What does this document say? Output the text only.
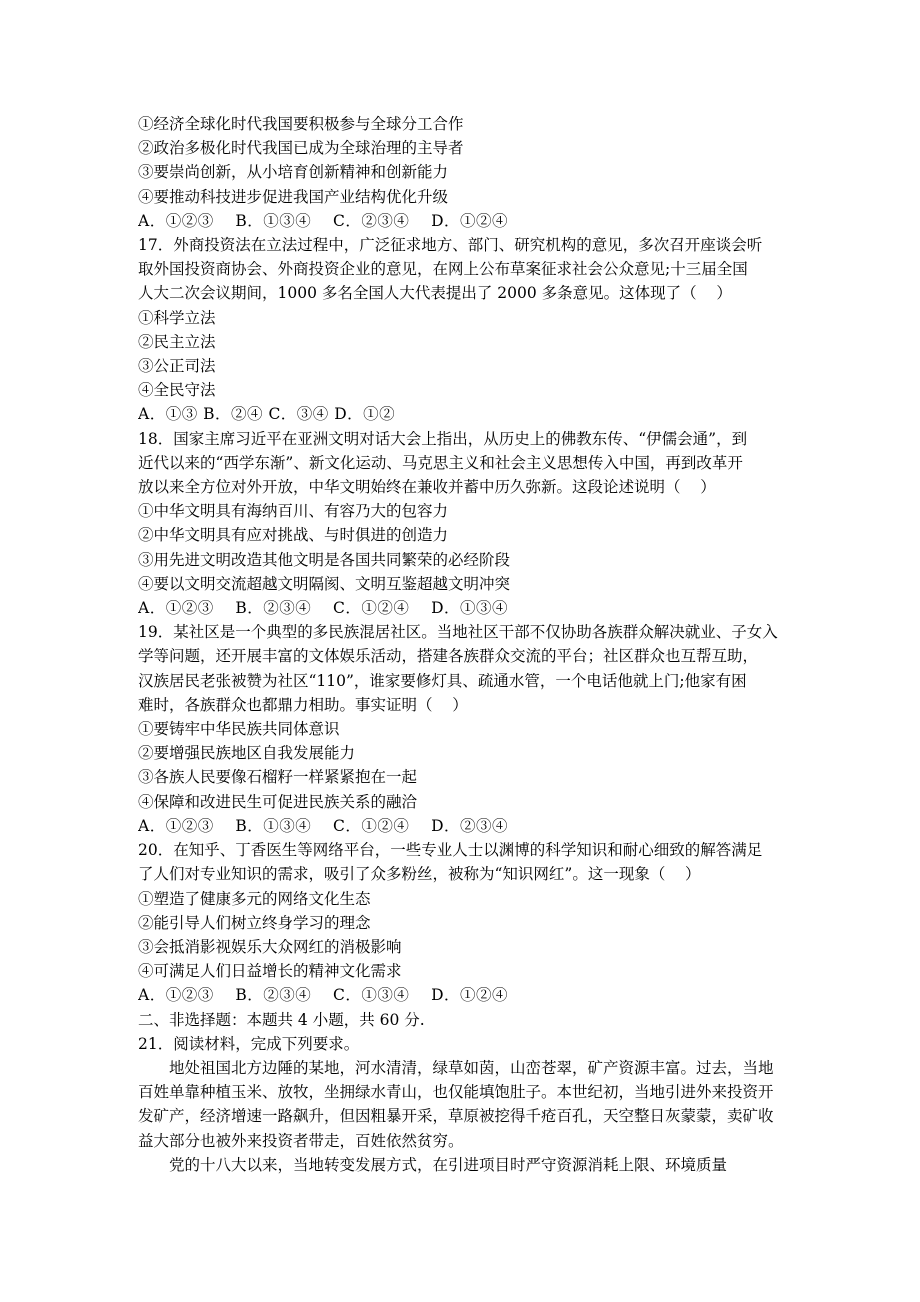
①经济全球化时代我国要积极参与全球分工合作
②政治多极化时代我国已成为全球治理的主导者
③要崇尚创新，从小培育创新精神和创新能力
④要推动科技进步促进我国产业结构优化升级
A．①②③    B．①③④    C．②③④    D．①②④
17．外商投资法在立法过程中，广泛征求地方、部门、研究机构的意见，多次召开座谈会听
取外国投资商协会、外商投资企业的意见，在网上公布草案征求社会公众意见;十三届全国
人大二次会议期间，1000 多名全国人大代表提出了 2000 多条意见。这体现了（    ）
①科学立法
②民主立法
③公正司法
④全民守法
A．①③ B．②④ C．③④ D．①②
18．国家主席习近平在亚洲文明对话大会上指出，从历史上的佛教东传、“伊儒会通”，到
近代以来的“西学东渐”、新文化运动、马克思主义和社会主义思想传入中国，再到改革开
放以来全方位对外开放，中华文明始终在兼收并蓄中历久弥新。这段论述说明（    ）
①中华文明具有海纳百川、有容乃大的包容力
②中华文明具有应对挑战、与时俱进的创造力
③用先进文明改造其他文明是各国共同繁荣的必经阶段
④要以文明交流超越文明隔阂、文明互鉴超越文明冲突
A．①②③    B．②③④    C．①②④    D．①③④
19．某社区是一个典型的多民族混居社区。当地社区干部不仅协助各族群众解决就业、子女入
学等问题，还开展丰富的文体娱乐活动，搭建各族群众交流的平台；社区群众也互帮互助，
汉族居民老张被赞为社区“110”，谁家要修灯具、疏通水管，一个电话他就上门;他家有困
难时，各族群众也都鼎力相助。事实证明（    ）
①要铸牢中华民族共同体意识
②要增强民族地区自我发展能力
③各族人民要像石榴籽一样紧紧抱在一起
④保障和改进民生可促进民族关系的融洽
A．①②③    B．①③④    C．①②④    D．②③④
20．在知乎、丁香医生等网络平台，一些专业人士以渊博的科学知识和耐心细致的解答满足
了人们对专业知识的需求，吸引了众多粉丝，被称为“知识网红”。这一现象（    ）
①塑造了健康多元的网络文化生态
②能引导人们树立终身学习的理念
③会抵消影视娱乐大众网红的消极影响
④可满足人们日益增长的精神文化需求
A．①②③    B．②③④    C．①③④    D．①②④
二、非选择题：本题共 4 小题，共 60 分.
21．阅读材料，完成下列要求。
地处祖国北方边陲的某地，河水清清，绿草如茵，山峦苍翠，矿产资源丰富。过去，当地百姓单靠种植玉米、放牧，坐拥绿水青山，也仅能填饱肚子。本世纪初，当地引进外来投资开发矿产，经济增速一路飙升，但因粗暴开采，草原被挖得千疮百孔，天空整日灰蒙蒙，卖矿收益大部分也被外来投资者带走，百姓依然贫穷。
党的十八大以来，当地转变发展方式，在引进项目时严守资源消耗上限、环境质量
